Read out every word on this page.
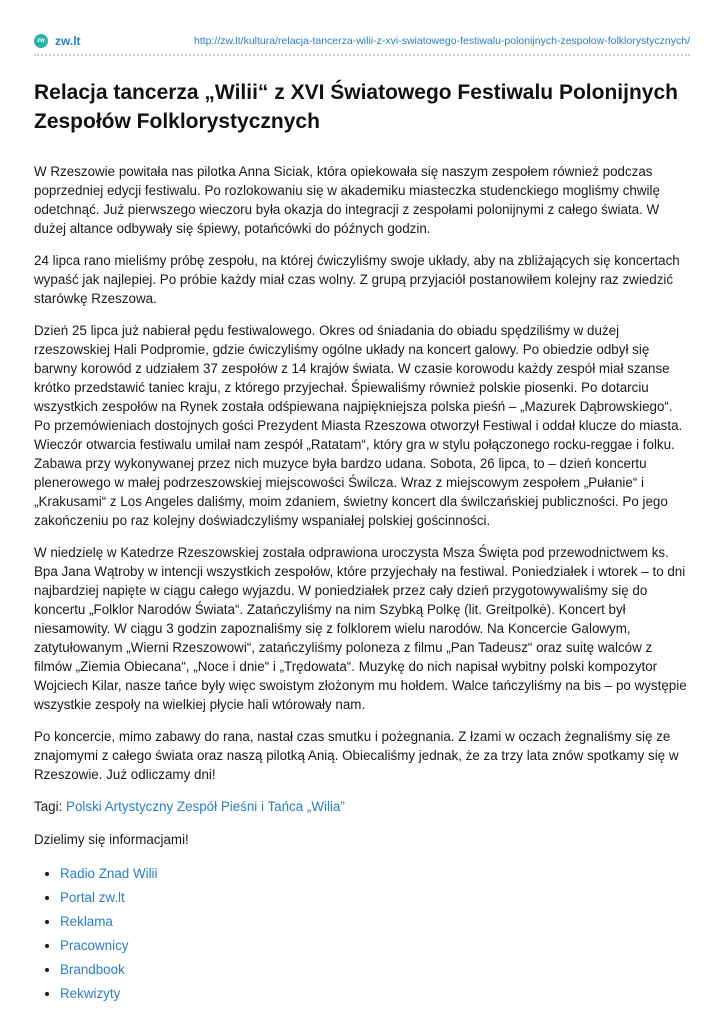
zw zw.lt	http://zw.lt/kultura/relacja-tancerza-wilii-z-xvi-swiatowego-festiwalu-polonijnych-zespolow-folklorystycznych/
Relacja tancerza „Wilii“ z XVI Światowego Festiwalu Polonijnych Zespołów Folklorystycznych

W Rzeszowie powitała nas pilotka Anna Siciak, która opiekowała się naszym zespołem również podczas poprzedniej edycji festiwalu. Po rozlokowaniu się w akademiku miasteczka studenckiego mogliśmy chwilę odetchnąć. Już pierwszego wieczoru była okazja do integracji z zespołami polonijnymi z całego świata. W dużej altance odbywały się śpiewy, potańcówki do późnych godzin.

24 lipca rano mieliśmy próbę zespołu, na której ćwiczyliśmy swoje układy, aby na zbliżających się koncertach wypaść jak najlepiej. Po próbie każdy miał czas wolny. Z grupą przyjaciół postanowiłem kolejny raz zwiedzić starówkę Rzeszowa.

Dzień 25 lipca już nabierał pędu festiwalowego. Okres od śniadania do obiadu spędziliśmy w dużej rzeszowskiej Hali Podpromie, gdzie ćwiczyliśmy ogólne układy na koncert galowy. Po obiedzie odbył się barwny korowód z udziałem 37 zespołów z 14 krajów świata. W czasie korowodu każdy zespół miał szanse krótko przedstawić taniec kraju, z którego przyjechał. Śpiewaliśmy również polskie piosenki. Po dotarciu wszystkich zespołów na Rynek została odśpiewana najpiękniejsza polska pieśń – „Mazurek Dąbrowskiego“. Po przemówieniach dostojnych gości Prezydent Miasta Rzeszowa otworzył Festiwal i oddał klucze do miasta. Wieczór otwarcia festiwalu umilał nam zespół „Ratatam“, który gra w stylu połączonego rocku-reggae i folku. Zabawa przy wykonywanej przez nich muzyce była bardzo udana. Sobota, 26 lipca, to – dzień koncertu plenerowego w małej podrzeszowskiej miejscowości Świlcza. Wraz z miejscowym zespołem „Pułanie“ i „Krakusami“ z Los Angeles daliśmy, moim zdaniem, świetny koncert dla świlczańskiej publiczności. Po jego zakończeniu po raz kolejny doświadczyliśmy wspaniałej polskiej gościnności.

W niedzielę w Katedrze Rzeszowskiej została odprawiona uroczysta Msza Święta pod przewodnictwem ks. Bpa Jana Wątroby w intencji wszystkich zespołów, które przyjechały na festiwal. Poniedziałek i wtorek – to dni najbardziej napięte w ciągu całego wyjazdu. W poniedziałek przez cały dzień przygotowywaliśmy się do koncertu „Folklor Narodów Świata“. Zatańczyliśmy na nim Szybką Polkę (lit. Greitpolkė). Koncert był niesamowity. W ciągu 3 godzin zapoznaliśmy się z folklorem wielu narodów. Na Koncercie Galowym, zatytułowanym „Wierni Rzeszowowi“, zatańczyliśmy poloneza z filmu „Pan Tadeusz“ oraz suitę walców z filmów „Ziemia Obiecana“, „Noce i dnie“ i „Trędowata“. Muzykę do nich napisał wybitny polski kompozytor Wojciech Kilar, nasze tańce były więc swoistym złożonym mu hołdem. Walce tańczyliśmy na bis – po występie wszystkie zespoły na wielkiej płycie hali wtórowały nam.

Po koncercie, mimo zabawy do rana, nastał czas smutku i pożegnania. Z łzami w oczach żegnaliśmy się ze znajomymi z całego świata oraz naszą pilotką Anią. Obiecaliśmy jednak, że za trzy lata znów spotkamy się w Rzeszowie. Już odliczamy dni!

Tagi: Polski Artystyczny Zespół Pieśni i Tańca „Wilia”

Dzielimy się informacjami!

• Radio Znad Wilii
• Portal zw.lt
• Reklama
• Pracownicy
• Brandbook
• Rekwizyty
